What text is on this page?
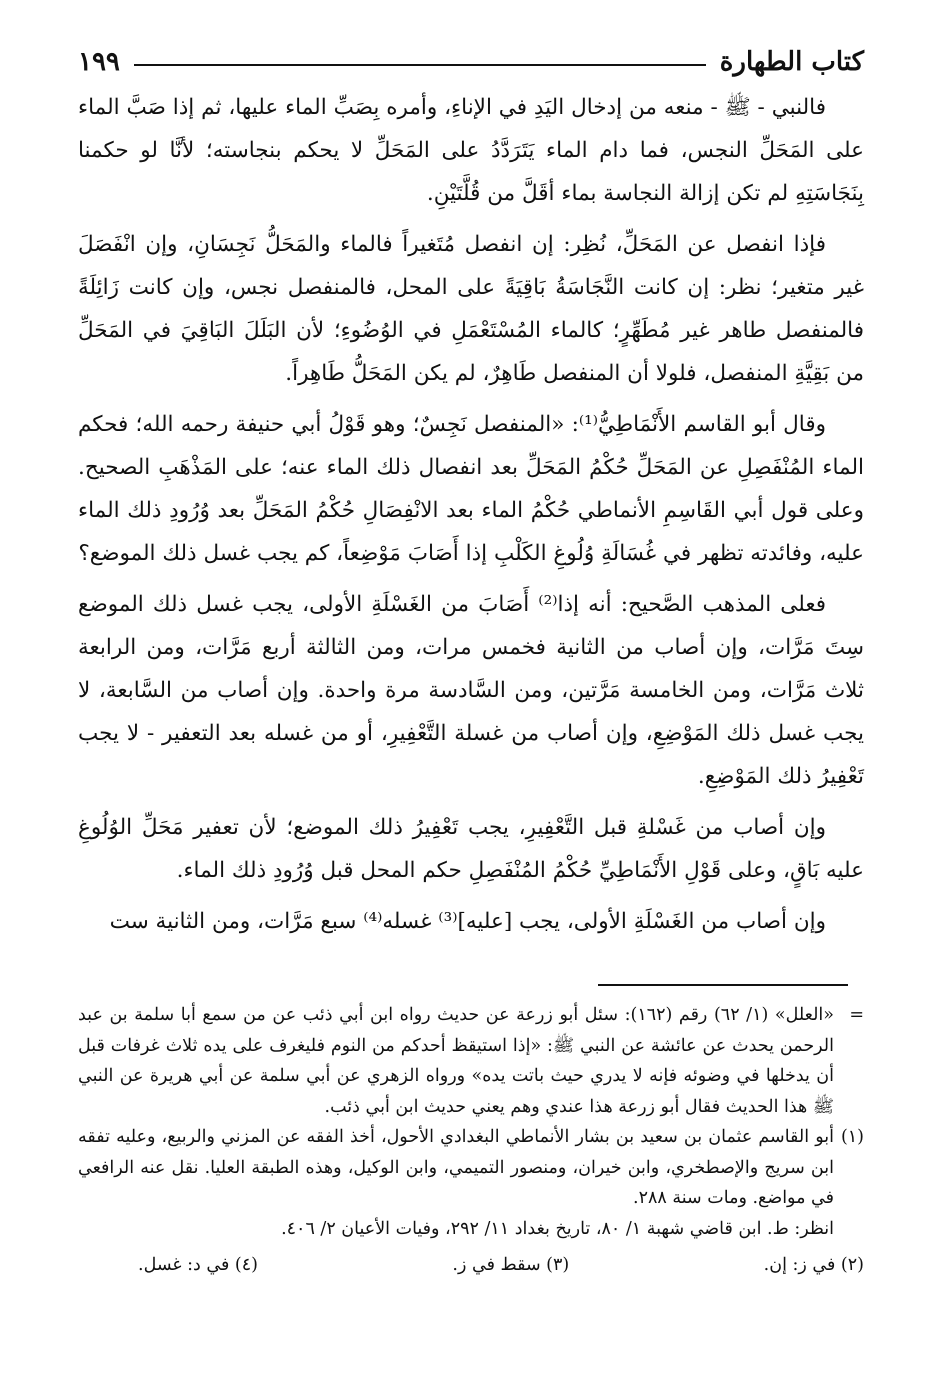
كتاب الطهارة
١٩٩

فالنبي - ﷺ - منعه من إدخال اليَدِ في الإناءِ، وأمره بِصَبِّ الماء عليها، ثم إذا صَبَّ الماء على المَحَلِّ النجس، فما دام الماء يَتَرَدَّدُ على المَحَلِّ لا يحكم بنجاسته؛ لأنَّا لو حكمنا بِنَجَاسَتِهِ لم تكن إزالة النجاسة بماء أقَلَّ من قُلَّتَيْنِ.

فإذا انفصل عن المَحَلِّ، نُظِر: إن انفصل مُتَغيراً فالماء والمَحَلُّ نَجِسَانِ، وإن انْفَصَلَ غير متغير؛ نظر: إن كانت النَّجَاسَةُ بَاقِيَةً على المحل، فالمنفصل نجس، وإن كانت زَائِلَةً فالمنفصل طاهر غير مُطَهِّرٍ؛ كالماء المُسْتَعْمَلِ في الوُضُوءِ؛ لأن البَلَلَ البَاقِيَ في المَحَلِّ من بَقِيَّةِ المنفصل، فلولا أن المنفصل طَاهِرٌ، لم يكن المَحَلُّ طَاهِراً.

وقال أبو القاسم الأَنْمَاطِيُّ⁽¹⁾: «المنفصل نَجِسٌ؛ وهو قَوْلُ أبي حنيفة رحمه الله؛ فحكم الماء المُنْفَصِلِ عن المَحَلِّ حُكْمُ المَحَلِّ بعد انفصال ذلك الماء عنه؛ على المَذْهَبِ الصحيح. وعلى قول أبي القَاسِمِ الأنماطي حُكْمُ الماء بعد الانْفِصَالِ حُكْمُ المَحَلِّ بعد وُرُودِ ذلك الماء عليه، وفائدته تظهر في غُسَالَةِ وُلُوغِ الكَلْبِ إذا أَصَابَ مَوْضِعاً، كم يجب غسل ذلك الموضع؟

فعلى المذهب الصَّحيح: أنه إذا⁽²⁾ أَصَابَ من الغَسْلَةِ الأولى، يجب غسل ذلك الموضع سِتَ مَرَّات، وإن أصاب من الثانية فخمس مرات، ومن الثالثة أربع مَرَّات، ومن الرابعة ثلاث مَرَّات، ومن الخامسة مَرَّتين، ومن السَّادسة مرة واحدة. وإن أصاب من السَّابعة، لا يجب غسل ذلك المَوْضِعِ، وإن أصاب من غسلة التَّعْفِيرِ، أو من غسله بعد التعفير - لا يجب تَعْفِيرُ ذلك المَوْضِعِ.

وإن أصاب من غَسْلةِ قبل التَّعْفِيرِ، يجب تَعْفِيرُ ذلك الموضع؛ لأن تعفير مَحَلِّ الوُلُوغِ عليه بَاقٍ، وعلى قَوْلِ الأَنْمَاطِيِّ حُكْمُ المُنْفَصِلِ حكم المحل قبل وُرُودِ ذلك الماء.

وإن أصاب من الغَسْلَةِ الأولى، يجب [عليه]⁽³⁾ غسله⁽⁴⁾ سبع مَرَّات، ومن الثانية ست

=
«العلل» (١/ ٦٢) رقم (١٦٢): سئل أبو زرعة عن حديث رواه ابن أبي ذئب عن من سمع أبا سلمة بن عبد الرحمن يحدث عن عائشة عن النبي ﷺ: «إذا استيقظ أحدكم من النوم فليغرف على يده ثلاث غرفات قبل أن يدخلها في وضوئه فإنه لا يدري حيث باتت يده» ورواه الزهري عن أبي سلمة عن أبي هريرة عن النبي ﷺ هذا الحديث فقال أبو زرعة هذا عندي وهم يعني حديث ابن أبي ذئب.
(١)
أبو القاسم عثمان بن سعيد بن بشار الأنماطي البغدادي الأحول، أخذ الفقه عن المزني والربيع، وعليه تفقه ابن سريج والإصطخري، وابن خيران، ومنصور التميمي، وابن الوكيل، وهذه الطبقة العليا. نقل عنه الرافعي في مواضع. ومات سنة ٢٨٨.
انظر: ط. ابن قاضي شهبة ١/ ٨٠، تاريخ بغداد ١١/ ٢٩٢، وفيات الأعيان ٢/ ٤٠٦.
(٢) في ز: إن.
(٣) سقط في ز.
(٤) في د: غسل.
